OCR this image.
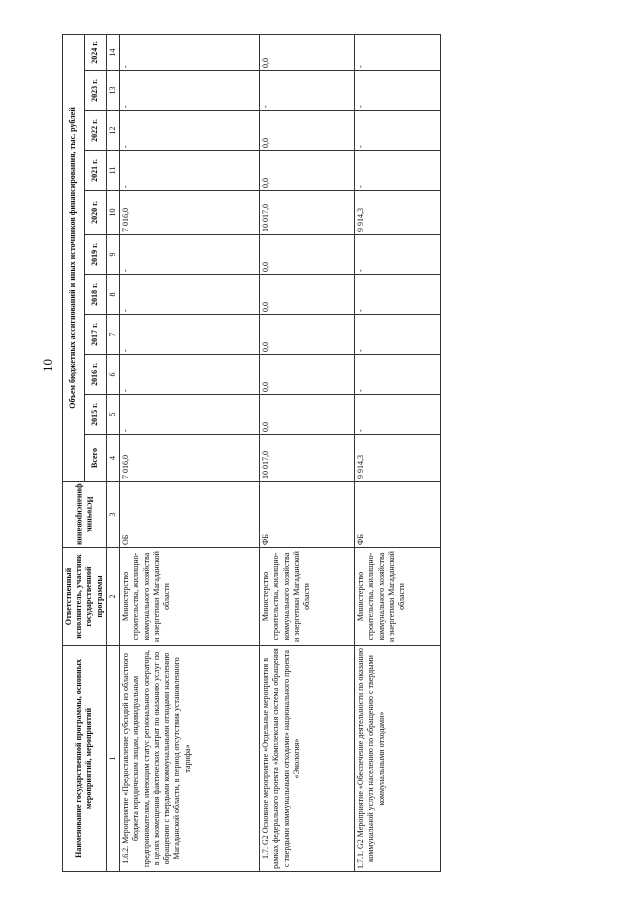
10
Наименование государственной программы, основных мероприятий, мероприятий	Ответственный исполнитель, участник государственной программы	Источник финансирования	Объем бюджетных ассигнований и иных источников финансирования, тыс. рублей										
			Всего	2015 г.	2016 г.	2017 г.	2018 г.	2019 г.	2020 г.	2021 г.	2022 г.	2023 г.	2024 г.
1	2	3	4	5	6	7	8	9	10	11	12	13	14
1.6.2. Мероприятие «Предоставление субсидий из областного бюджета юридическим лицам, индивидуальным предпринимателям, имеющим статус регионального оператора, в целях возмещения фактических затрат по оказанию услуг по обращению с твердыми коммунальными отходами населению Магаданской области, в период отсутствия установленного тарифа»	Министерство строительства, жилищно-коммунального хозяйства и энергетики Магаданской области	ОБ	7 016,0	-	-	-	-	-	7 016,0	-	-	-	-
1.7. G2 Основное мероприятие «Отдельные мероприятия в рамках федерального проекта «Комплексная система обращения с твердыми коммунальными отходами» национального проекта «Экология»	Министерство строительства, жилищно-коммунального хозяйства и энергетики Магаданской области	ФБ	10 017,0	0,0	0,0	0,0	0,0	0,0	10 017,0	0,0	0,0	-	0,0
1.7.1. G2 Мероприятие «Обеспечение деятельности по оказанию коммунальной услуги населению по обращению с твердыми коммунальными отходами»	Министерство строительства, жилищно-коммунального хозяйства и энергетики Магаданской области	ФБ	9 914,3	-	-	-	-	-	9 914,3	-	-	-	-
